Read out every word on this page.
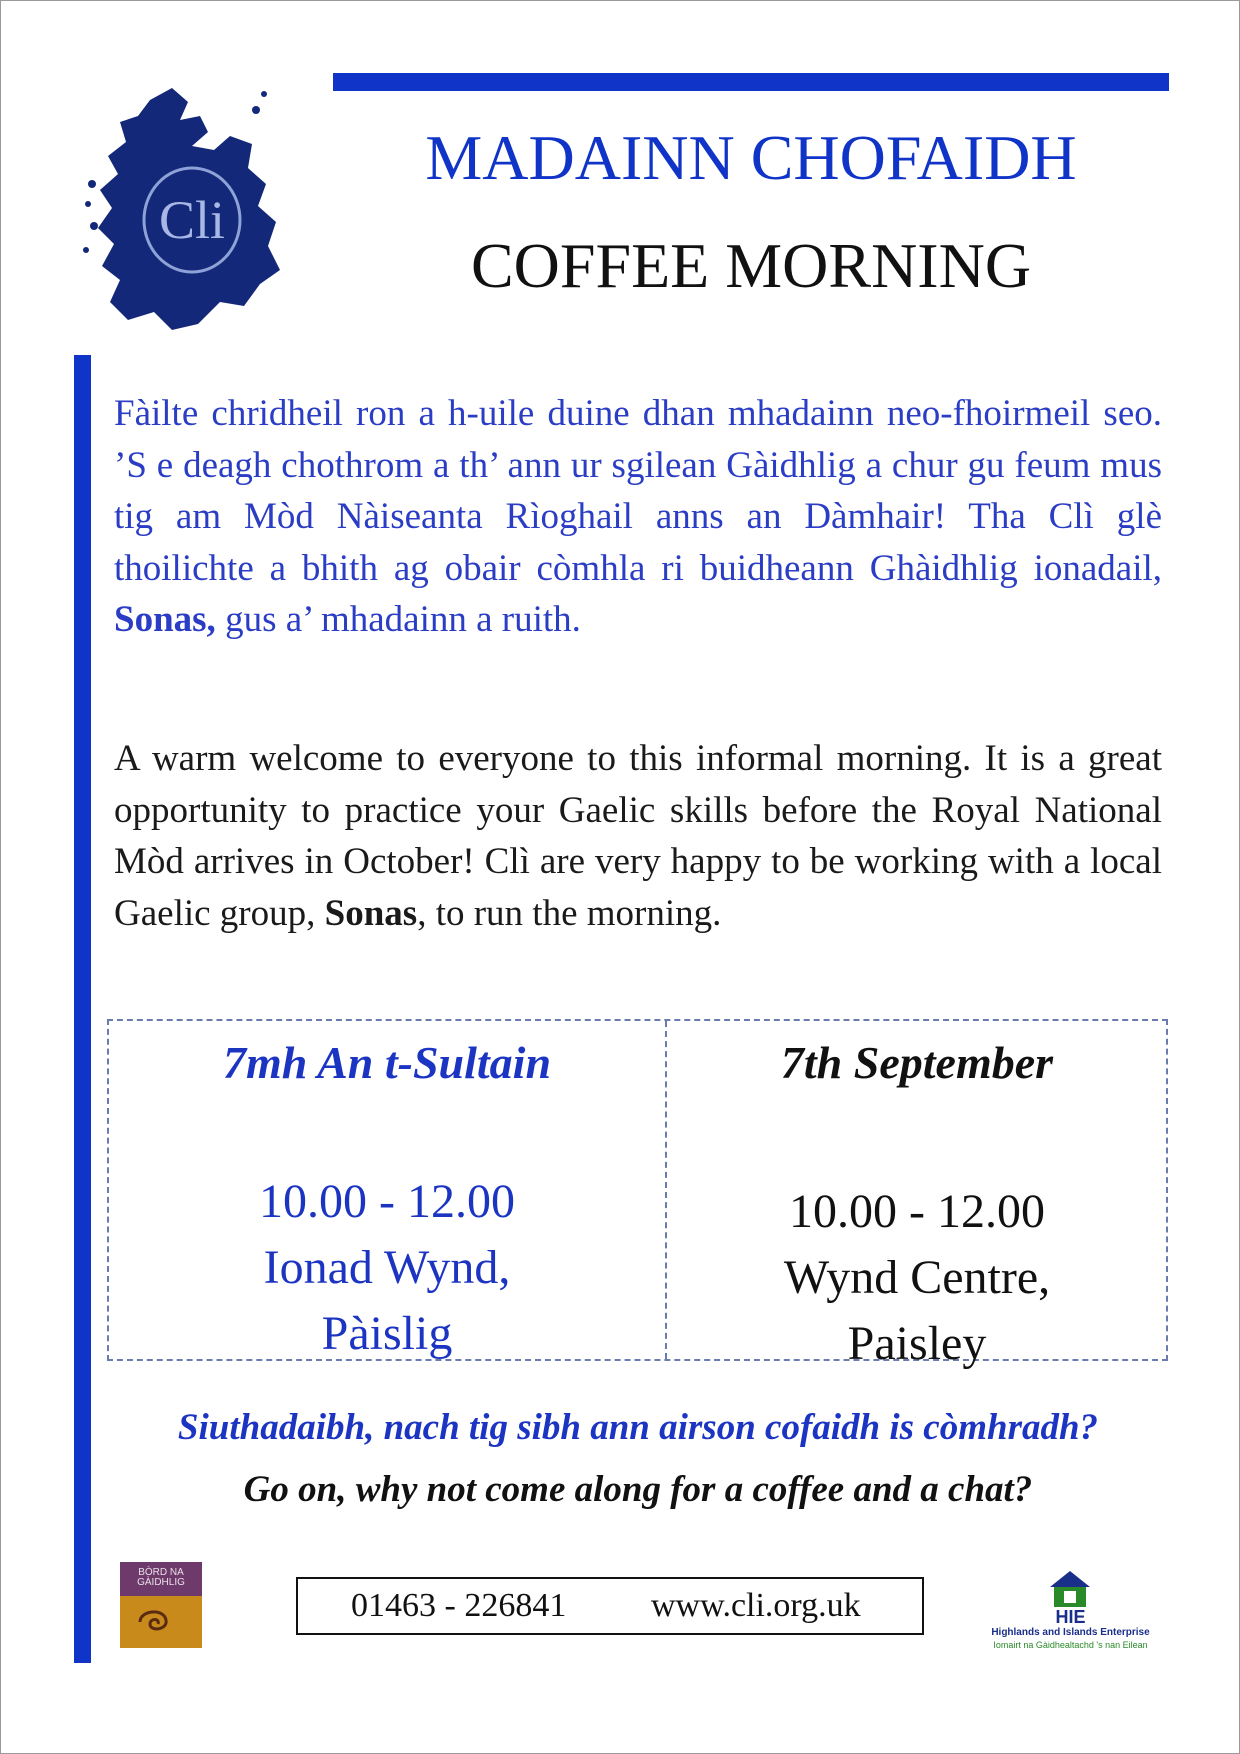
Cli
MADAINN CHOFAIDH
COFFEE MORNING
Fàilte chridheil ron a h-uile duine dhan mhadainn neo-fhoirmeil seo. ’S e deagh chothrom a th’ ann ur sgilean Gàidhlig a chur gu feum mus tig am Mòd Nàiseanta Rìoghail anns an Dàmhair! Tha Clì glè thoilichte a bhith ag obair còmhla ri buidheann Ghàidhlig ionadail, Sonas, gus a’ mhadainn a ruith.
A warm welcome to everyone to this informal morning. It is a great opportunity to practice your Gaelic skills before the Royal National Mòd arrives in October! Clì are very happy to be working with a local Gaelic group, Sonas, to run the morning.
7mh An t-Sultain
10.00 - 12.00
Ionad Wynd,
Pàislig
7th September
10.00 - 12.00
Wynd Centre,
Paisley
Siuthadaibh, nach tig sibh ann airson cofaidh is còmhradh?
Go on, why not come along for a coffee and a chat?
BÒRD NA
GÀIDHLIG
01463 - 226841 www.cli.org.uk	HIE
Highlands and Islands Enterprise
Iomairt na Gàidhealtachd 's nan Eilean
